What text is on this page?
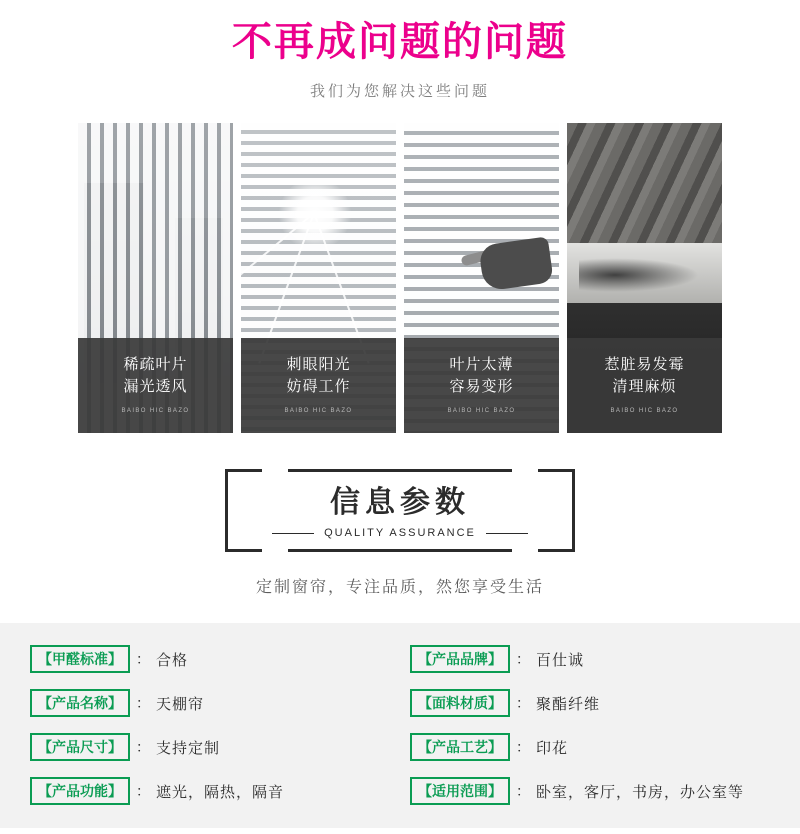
不再成问题的问题
我们为您解决这些问题
稀疏叶片
漏光透风
BAIBO HIC BAZO
刺眼阳光
妨碍工作
BAIBO HIC BAZO
叶片太薄
容易变形
BAIBO HIC BAZO
惹脏易发霉
清理麻烦
BAIBO HIC BAZO
信息参数
QUALITY ASSURANCE
定制窗帘，专注品质，然您享受生活
【甲醛标准】	： 合格	【产品品牌】	： 百仕诚
【产品名称】	： 天棚帘	【面料材质】	： 聚酯纤维
【产品尺寸】	： 支持定制	【产品工艺】	： 印花
【产品功能】	： 遮光，隔热，隔音	【适用范围】	： 卧室，客厅，书房，办公室等
